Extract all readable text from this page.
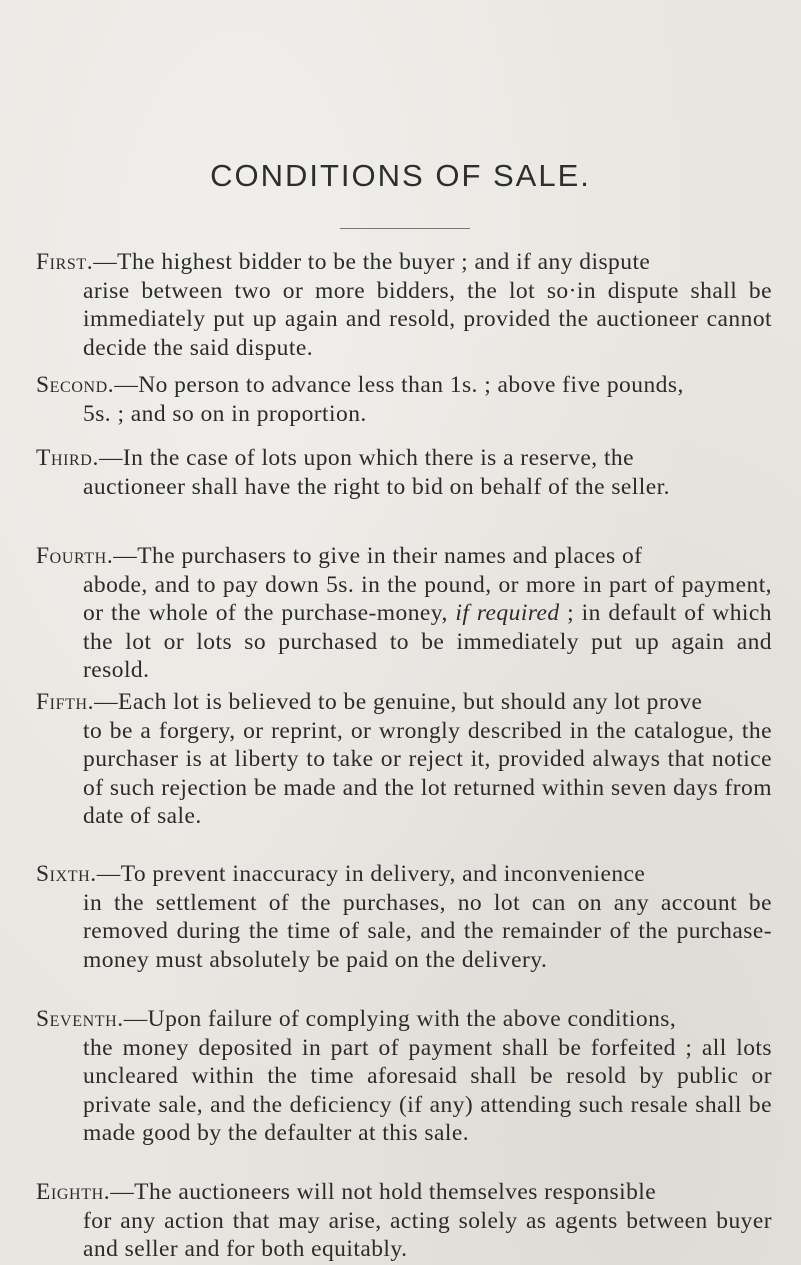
CONDITIONS OF SALE.
First.—The highest bidder to be the buyer ; and if any dispute
arise between two or more bidders, the lot so·in dispute shall be immediately put up again and resold, provided the auctioneer cannot decide the said dispute.
Second.—No person to advance less than 1s. ; above five pounds,
5s. ; and so on in proportion.
Third.—In the case of lots upon which there is a reserve, the
auctioneer shall have the right to bid on behalf of the seller.
Fourth.—The purchasers to give in their names and places of
abode, and to pay down 5s. in the pound, or more in part of payment, or the whole of the purchase-money, if required ; in default of which the lot or lots so purchased to be immediately put up again and resold.
Fifth.—Each lot is believed to be genuine, but should any lot prove
to be a forgery, or reprint, or wrongly described in the catalogue, the purchaser is at liberty to take or reject it, provided always that notice of such rejection be made and the lot returned within seven days from date of sale.
Sixth.—To prevent inaccuracy in delivery, and inconvenience
in the settlement of the purchases, no lot can on any account be removed during the time of sale, and the remainder of the purchase-money must absolutely be paid on the delivery.
Seventh.—Upon failure of complying with the above conditions,
the money deposited in part of payment shall be forfeited ; all lots uncleared within the time aforesaid shall be resold by public or private sale, and the deficiency (if any) attending such resale shall be made good by the defaulter at this sale.
Eighth.—The auctioneers will not hold themselves responsible
for any action that may arise, acting solely as agents between buyer and seller and for both equitably.
